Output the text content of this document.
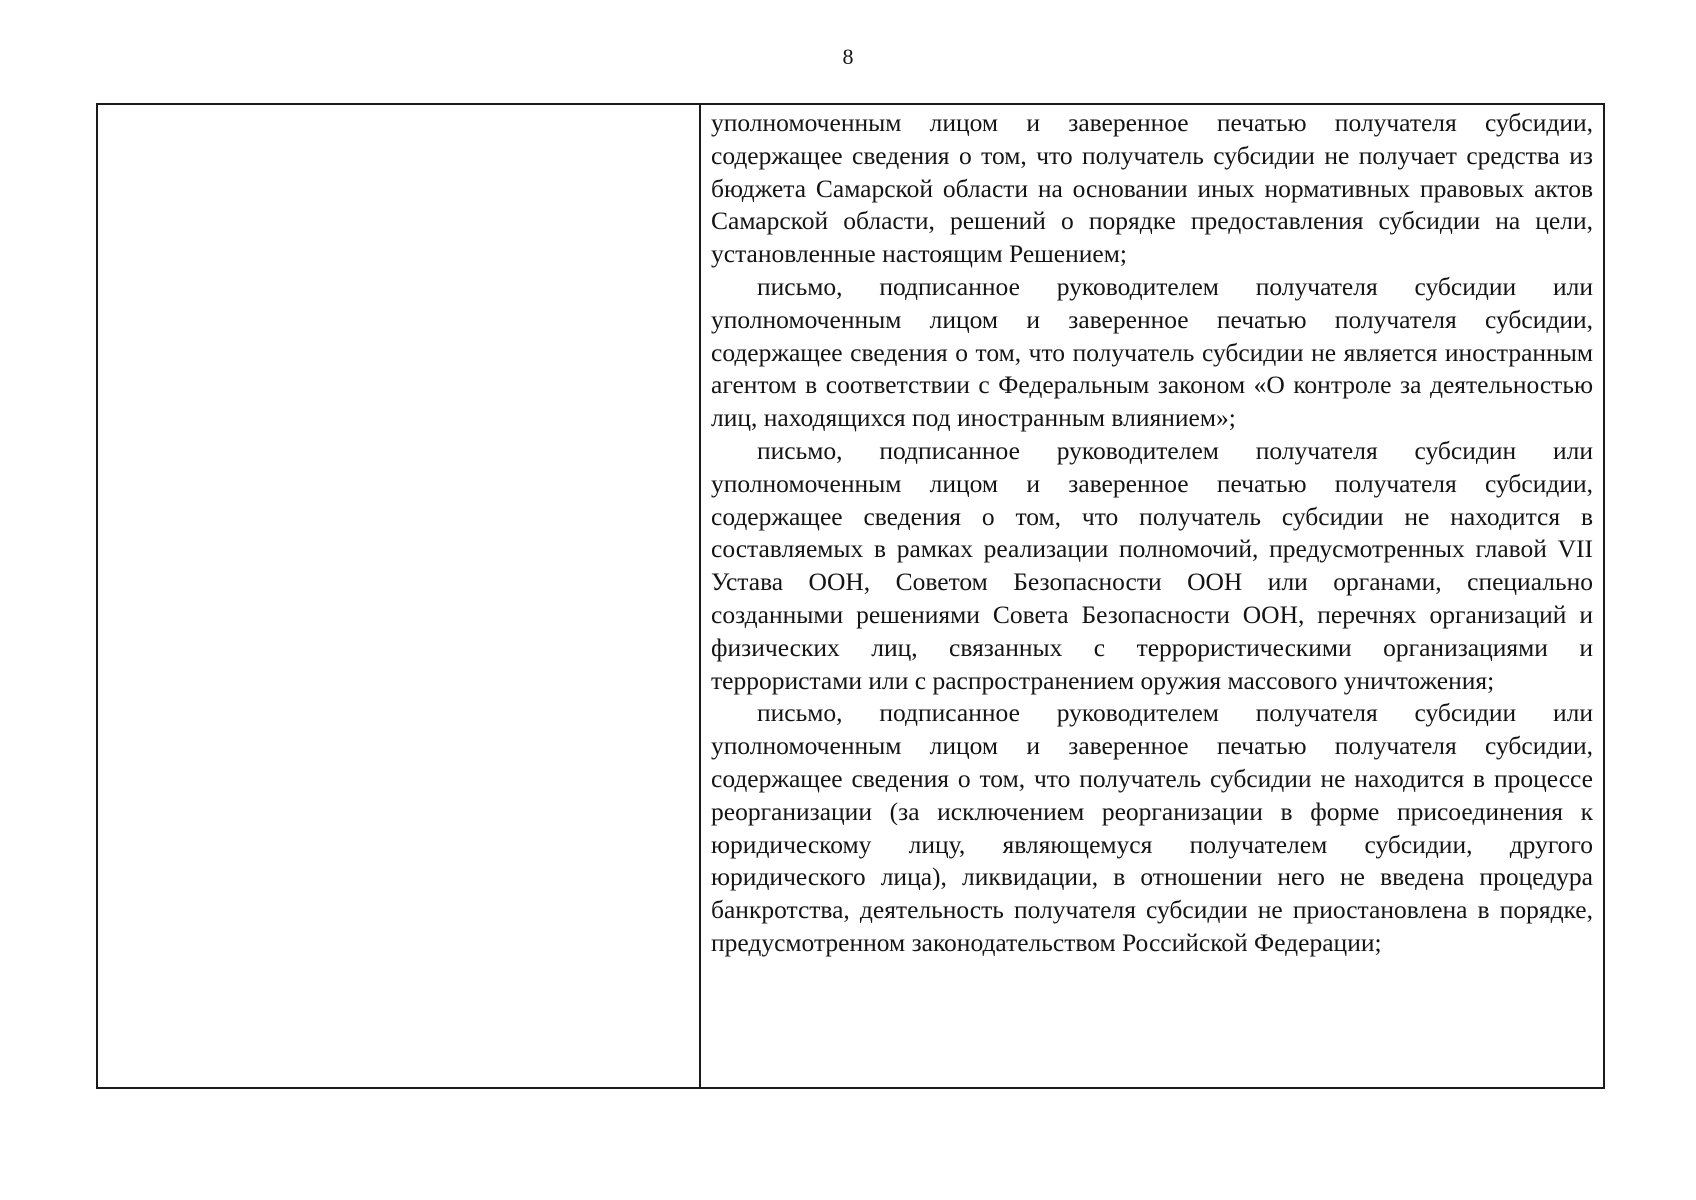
8

уполномоченным лицом и заверенное печатью получателя субсидии, содержащее сведения о том, что получатель субсидии не получает средства из бюджета Самарской области на основании иных нормативных правовых актов Самарской области, решений о порядке предоставления субсидии на цели, установленные настоящим Решением;

письмо, подписанное руководителем получателя субсидии или уполномоченным лицом и заверенное печатью получателя субсидии, содержащее сведения о том, что получатель субсидии не является иностранным агентом в соответствии с Федеральным законом «О контроле за деятельностью лиц, находящихся под иностранным влиянием»;

письмо, подписанное руководителем получателя субсидин или уполномоченным лицом и заверенное печатью получателя субсидии, содержащее сведения о том, что получатель субсидии не находится в составляемых в рамках реализации полномочий, предусмотренных главой VII Устава ООН, Советом Безопасности ООН или органами, специально созданными решениями Совета Безопасности ООН, перечнях организаций и физических лиц, связанных с террористическими организациями и террористами или с распространением оружия массового уничтожения;

письмо, подписанное руководителем получателя субсидии или уполномоченным лицом и заверенное печатью получателя субсидии, содержащее сведения о том, что получатель субсидии не находится в процессе реорганизации (за исключением реорганизации в форме присоединения к юридическому лицу, являющемуся получателем субсидии, другого юридического лица), ликвидации, в отношении него не введена процедура банкротства, деятельность получателя субсидии не приостановлена в порядке, предусмотренном законодательством Российской Федерации;
